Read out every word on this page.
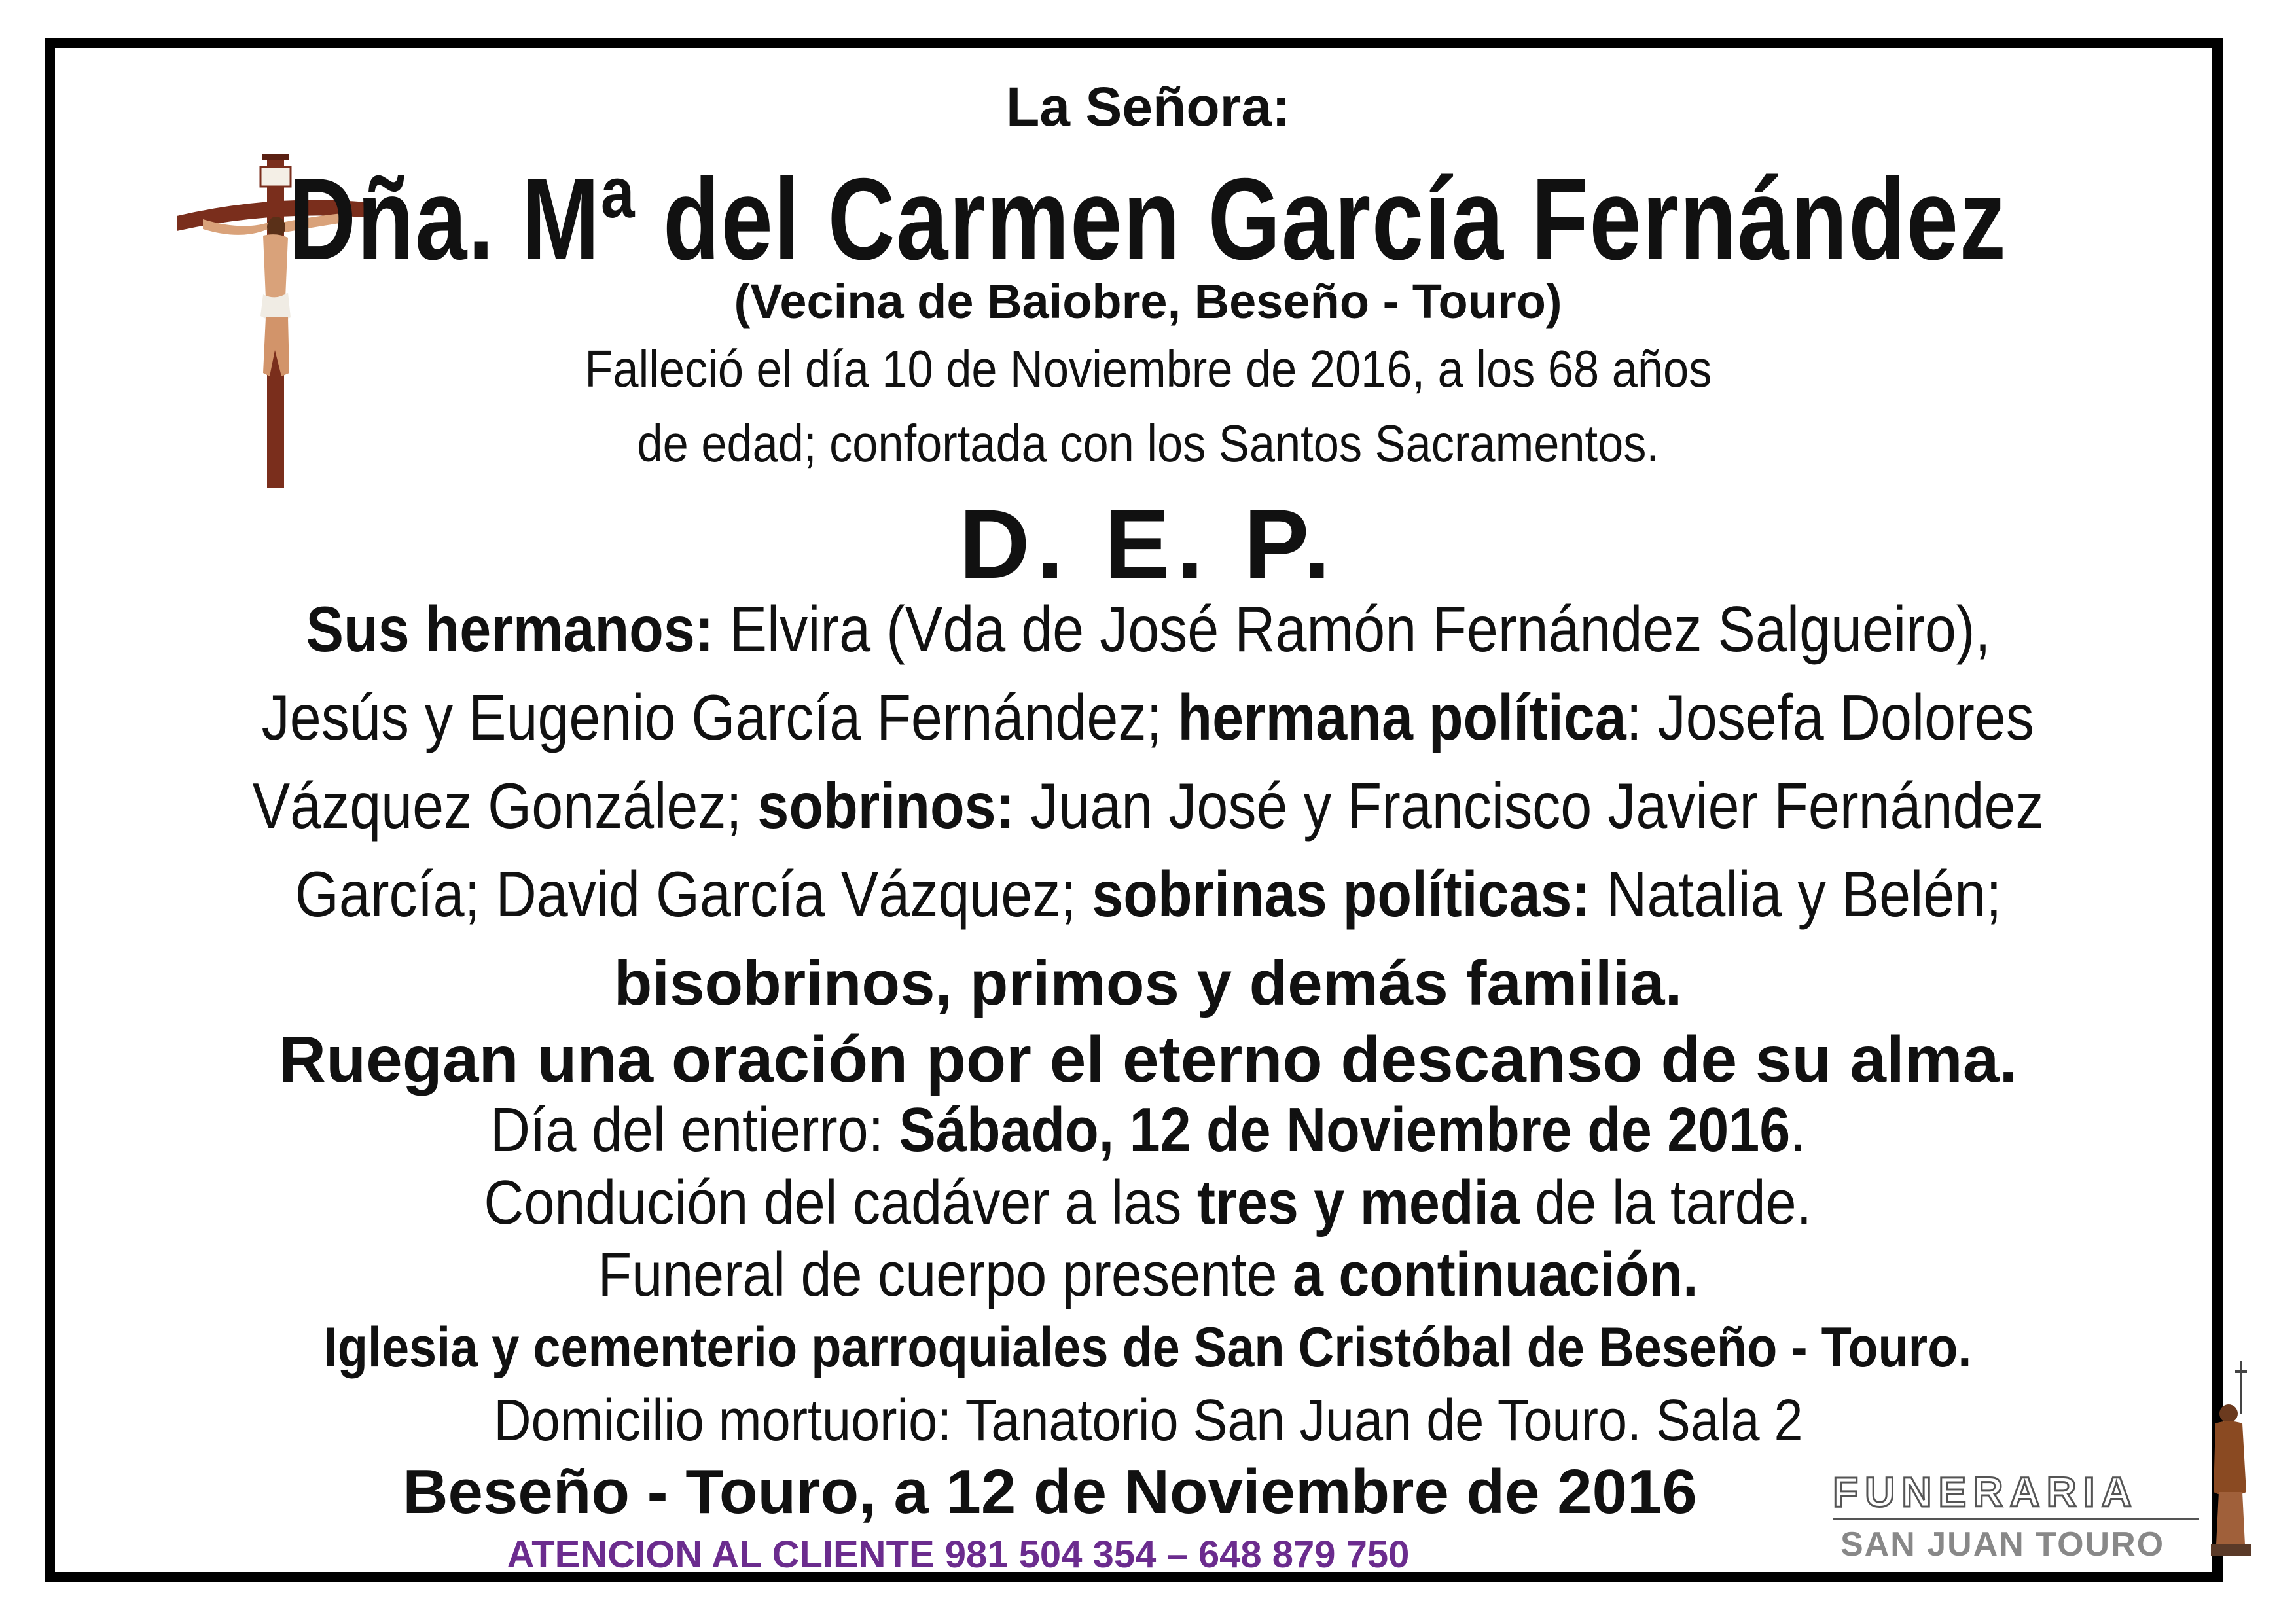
La Señora:
Dña. Mª del Carmen García Fernández
(Vecina de Baiobre, Beseño - Touro)
Falleció el día 10 de Noviembre de 2016, a los 68 años
de edad; confortada con los Santos Sacramentos.
D. E. P.
Sus hermanos: Elvira (Vda de José Ramón Fernández Salgueiro),
Jesús y Eugenio García Fernández; hermana política: Josefa Dolores
Vázquez González; sobrinos: Juan José y Francisco Javier Fernández
García; David García Vázquez; sobrinas políticas: Natalia y Belén;
bisobrinos, primos y demás familia.
Ruegan una oración por el eterno descanso de su alma.
Día del entierro: Sábado, 12 de Noviembre de 2016.
Condución del cadáver a las tres y media de la tarde.
Funeral de cuerpo presente a continuación.
Iglesia y cementerio parroquiales de San Cristóbal de Beseño - Touro.
Domicilio mortuorio: Tanatorio San Juan de Touro. Sala 2
Beseño - Touro, a 12 de Noviembre de 2016
ATENCION AL CLIENTE 981 504 354 – 648 879 750
FUNERARIA
SAN JUAN TOURO
